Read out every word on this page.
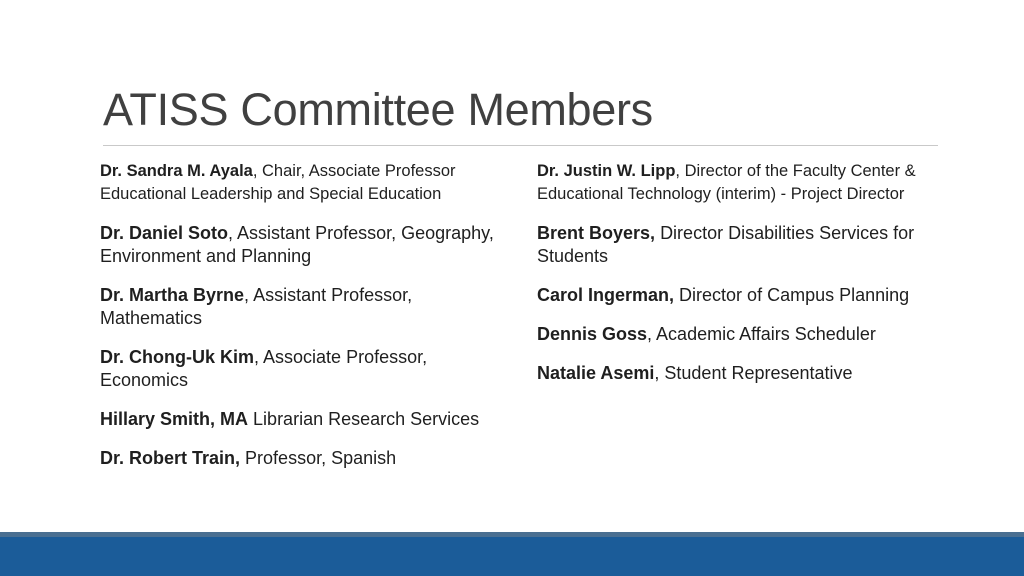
ATISS Committee Members

Dr. Sandra M. Ayala, Chair, Associate Professor Educational Leadership and Special Education

Dr. Daniel Soto, Assistant Professor, Geography, Environment and Planning

Dr. Martha Byrne, Assistant Professor, Mathematics

Dr. Chong-Uk Kim, Associate Professor, Economics

Hillary Smith, MA Librarian Research Services

Dr. Robert Train, Professor, Spanish

Dr. Justin W. Lipp, Director of the Faculty Center & Educational Technology (interim) - Project Director

Brent Boyers, Director Disabilities Services for Students

Carol Ingerman, Director of Campus Planning

Dennis Goss, Academic Affairs Scheduler

Natalie Asemi, Student Representative
